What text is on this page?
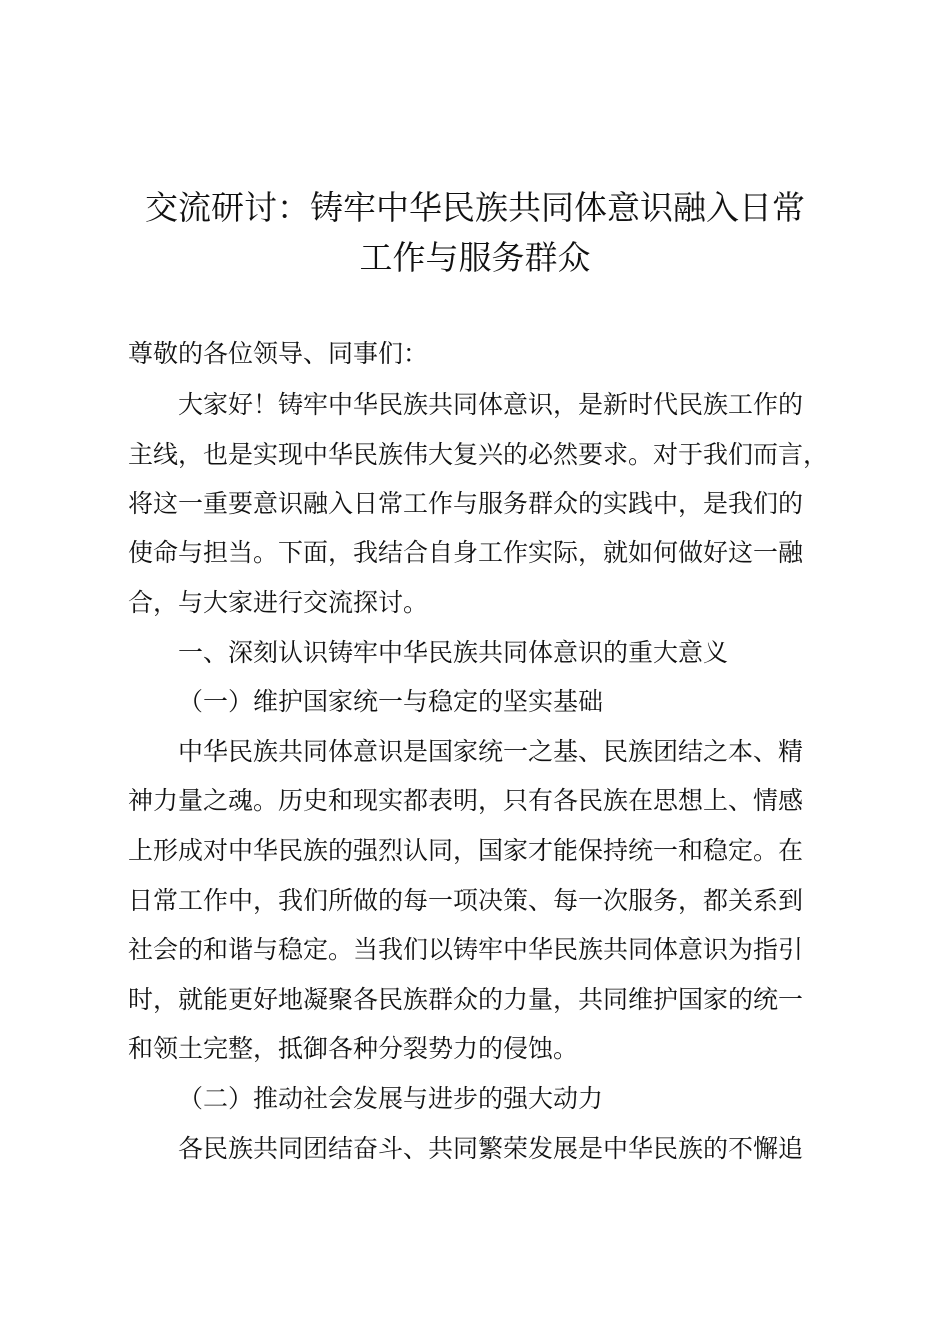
交流研讨：铸牢中华民族共同体意识融入日常
工作与服务群众
尊敬的各位领导、同事们：
大家好！铸牢中华民族共同体意识，是新时代民族工作的
主线，也是实现中华民族伟大复兴的必然要求。对于我们而言，
将这一重要意识融入日常工作与服务群众的实践中，是我们的
使命与担当。下面，我结合自身工作实际，就如何做好这一融
合，与大家进行交流探讨。
一、深刻认识铸牢中华民族共同体意识的重大意义
（一）维护国家统一与稳定的坚实基础
中华民族共同体意识是国家统一之基、民族团结之本、精
神力量之魂。历史和现实都表明，只有各民族在思想上、情感
上形成对中华民族的强烈认同，国家才能保持统一和稳定。在
日常工作中，我们所做的每一项决策、每一次服务，都关系到
社会的和谐与稳定。当我们以铸牢中华民族共同体意识为指引
时，就能更好地凝聚各民族群众的力量，共同维护国家的统一
和领土完整，抵御各种分裂势力的侵蚀。
（二）推动社会发展与进步的强大动力
各民族共同团结奋斗、共同繁荣发展是中华民族的不懈追
